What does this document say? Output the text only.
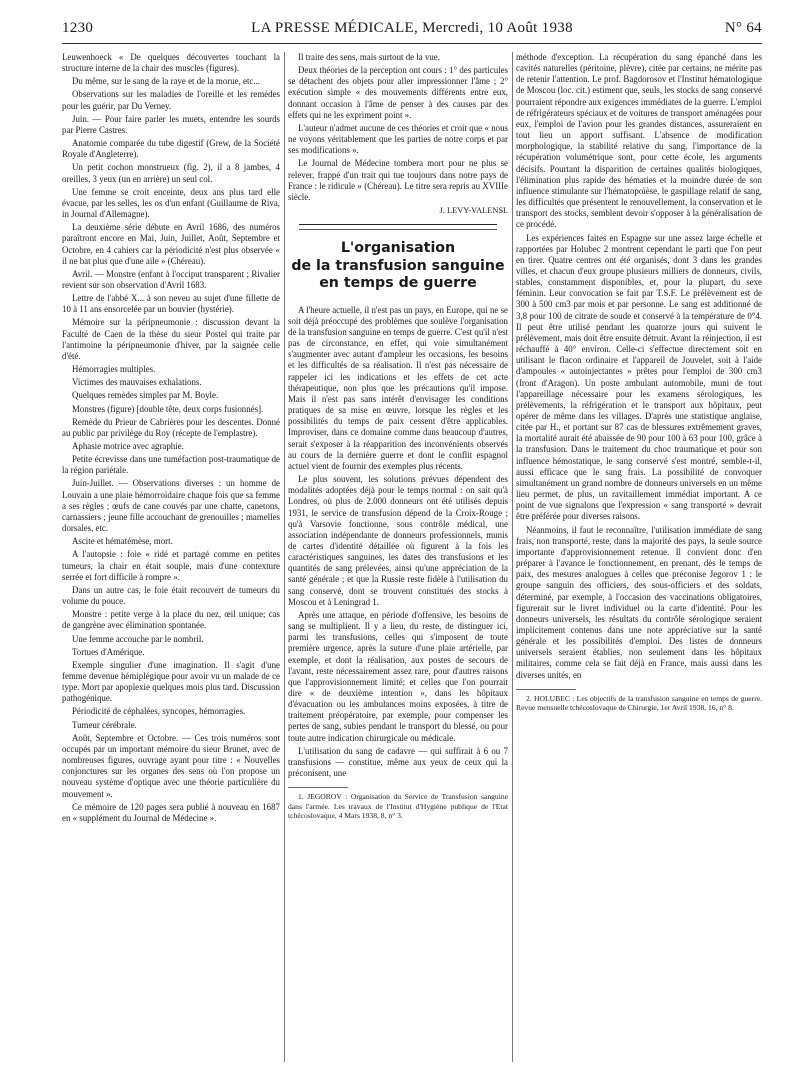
1230	LA PRESSE MÉDICALE, Mercredi, 10 Août 1938	N° 64

Leuwenhoeck « De quelques découvertes touchant la structure interne de la chair des muscles (figures).

Du même, sur le sang de la raye et de la morue, etc...

Observations sur les maladies de l'oreille et les remèdes pour les guérir, par Du Verney.

Juin. — Pour faire parler les muets, entendre les sourds par Pierre Castres.

Anatomie comparée du tube digestif (Grew, de la Société Royale d'Angleterre).

Un petit cochon monstrueux (fig. 2), il a 8 jambes, 4 oreilles, 3 yeux (un en arrière) un seul col.

Une femme se croit enceinte, deux ans plus tard elle évacue, par les selles, les os d'un enfant (Guillaume de Riva, in Journal d'Allemagne).

La deuxième série débute en Avril 1686, des numéros paraîtront encore en Mai, Juin, Juillet, Août, Septembre et Octobre, en 4 cahiers car la périodicité n'est plus observée « il ne bat plus que d'une aile » (Chéreau).

Avril. — Monstre (enfant à l'occiput transparent ; Rivalier revient sur son observation d'Avril 1683.

Lettre de l'abbé X... à son neveu au sujet d'une fillette de 10 à 11 ans ensorcelée par un bouvier (hystérie).

Mémoire sur la péripneumonie : discussion devant la Faculté de Caen de la thèse du sieur Postel qui traite par l'antimoine la péripneumonie d'hiver, par la saignée celle d'été.

Hémorragies multiples.

Victimes des mauvaises exhalations.

Quelques remèdes simples par M. Boyle.

Monstres (figure) [double tête, deux corps fusionnés].

Remède du Prieur de Cabrières pour les descentes. Donné au public par privilège du Roy (récepte de l'emplastre).

Aphasie motrice avec agraphie.

Petite écrevisse dans une tuméfaction post-traumatique de la région pariétale.

Juin-Juillet. — Observations diverses : un homme de Louvain a une plaie hémorroïdaire chaque fois que sa femme a ses règles ; œufs de cane couvés par une chatte, canetons, carnassiers ; jeune fille accouchant de grenouilles ; mamelles dorsales, etc.

Ascite et hématémèse, mort.

A l'autopsie : foie « ridé et partagé comme en petites tumeurs, la chair en était souple, mais d'une contexture serrée et fort difficile à rompre ».

Dans un autre cas, le foie était recouvert de tumeurs du volume du pouce.

Monstre : petite verge à la place du nez, œil unique; cas de gangrène avec élimination spontanée.

Une femme accouche par le nombril.

Tortues d'Amérique.

Exemple singulier d'une imagination. Il s'agit d'une femme devenue hémiplégique pour avoir vu un malade de ce type. Mort par apoplexie quelques mois plus tard. Discussion pathogénique.

Périodicité de céphalées, syncopes, hémorragies.

Tumeur cérébrale.

Août, Septembre et Octobre. — Ces trois numéros sont occupés par un important mémoire du sieur Brunet, avec de nombreuses figures, ouvrage ayant pour titre : « Nouvelles conjonctures sur les organes des sens où l'on propose un nouveau système d'optique avec une théorie particulière du mouvement ».

Ce mémoire de 120 pages sera publié à nouveau en 1687 en « supplément du Journal de Médecine ».

Il traite des sens, mais surtout de la vue.

Deux théories de la perception ont cours : 1° des particules se détachent des objets pour aller impressionner l'âme ; 2° exécution simple « des mouvements différents entre eux, donnant occasion à l'âme de penser à des causes par des effets qui ne les expriment point ».

L'auteur n'admet aucune de ces théories et croit que « nous ne voyons véritablement que les parties de notre corps et par ses modifications ».

Le Journal de Médecine tombera mort pour ne plus se relever, frappé d'un trait qui tue toujours dans notre pays de France : le ridicule » (Chéreau). Le titre sera repris au XVIIIe siècle.

J. LEVY-VALENSI.
L'organisation
de la transfusion sanguine
en temps de guerre

A l'heure actuelle, il n'est pas un pays, en Europe, qui ne se soit déjà préoccupé des problèmes que soulève l'organisation de la transfusion sanguine en temps de guerre. C'est qu'il n'est pas de circonstance, en effet, qui voie simultanément s'augmenter avec autant d'ampleur les occasions, les besoins et les difficultés de sa réalisation. Il n'est pas nécessaire de rappeler ici les indications et les effets de cet acte thérapeutique, non plus que les précautions qu'il impose. Mais il n'est pas sans intérêt d'envisager les conditions pratiques de sa mise en œuvre, lorsque les règles et les possibilités du temps de paix cessent d'être applicables. Improviser, dans ce domaine comme dans beaucoup d'autres, serait s'exposer à la réapparition des inconvénients observés au cours de la dernière guerre et dont le conflit espagnol actuel vient de fournir des exemples plus récents.

Le plus souvent, les solutions prévues dépendent des modalités adoptées déjà pour le temps normal : on sait qu'à Londres, où plus de 2.000 donneurs ont été utilisés depuis 1931, le service de transfusion dépend de la Croix-Rouge ; qu'à Varsovie fonctionne, sous contrôle médical, une association indépendante de donneurs professionnels, munis de cartes d'identité détaillée où figurent à la fois les caractéristiques sanguines, les dates des transfusions et les quantités de sang prélevées, ainsi qu'une appréciation de la santé générale ; et que la Russie reste fidèle à l'utilisation du sang conservé, dont se trouvent constitués des stocks à Moscou et à Leningrad 1.

Après une attaque, en période d'offensive, les besoins de sang se multiplient. Il y a lieu, du reste, de distinguer ici, parmi les transfusions, celles qui s'imposent de toute première urgence, après la suture d'une plaie artérielle, par exemple, et dont la réalisation, aux postes de secours de l'avant, reste nécessairement assez rare, pour d'autres raisons que l'approvisionnement limité; et celles que l'on pourrait dire « de deuxième intention », dans les hôpitaux d'évacuation ou les ambulances moins exposées, à titre de traitement préopératoire, par exemple, pour compenser les pertes de sang, subies pendant le transport du blessé, ou pour toute autre indication chirurgicale ou médicale.

L'utilisation du sang de cadavre — qui suffirait à 6 ou 7 transfusions — constitue, même aux yeux de ceux qui la préconisent, une

1. JEGOROV : Organisation du Service de Transfusion sanguine dans l'armée. Les travaux de l'Institut d'Hygiène publique de l'Etat tchécoslovaque, 4 Mars 1938, 8, n° 3.

méthode d'exception. La récupération du sang épanché dans les cavités naturelles (péritoine, plèvre), citée par certains, ne mérite pas de retenir l'attention. Le prof. Bagdorosov et l'Institut hématologique de Moscou (loc. cit.) estiment que, seuls, les stocks de sang conservé pourraient répondre aux exigences immédiates de la guerre. L'emploi de réfrigérateurs spéciaux et de voitures de transport aménagées pour eux, l'emploi de l'avion pour les grandes distances, assureraient en tout lieu un apport suffisant. L'absence de modification morphologique, la stabilité relative du sang, l'importance de la récupération volumétrique sont, pour cette école, les arguments décisifs. Pourtant la disparition de certaines qualités biologiques, l'élimination plus rapide des hématies et la moindre durée de son influence stimulante sur l'hématopoïèse, le gaspillage relatif de sang, les difficultés que présentent le renouvellement, la conservation et le transport des stocks, semblent devoir s'opposer à la généralisation de ce procédé.

Les expériences faites en Espagne sur une assez large échelle et rapportées par Holubec 2 montrent cependant le parti que l'on peut en tirer. Quatre centres ont été organisés, dont 3 dans les grandes villes, et chacun d'eux groupe plusieurs milliers de donneurs, civils, stables, constamment disponibles, et, pour la plupart, du sexe féminin. Leur convocation se fait par T.S.F. Le prélèvement est de 300 à 500 cm3 par mois et par personne. Le sang est additionné de 3,8 pour 100 de citrate de soude et conservé à la température de 0°4. Il peut être utilisé pendant les quatorze jours qui suivent le prélèvement, mais doit être ensuite détruit. Avant la réinjection, il est réchauffé à 40° environ. Celle-ci s'effectue directement soit en utilisant le flacon ordinaire et l'appareil de Jouvelet, soit à l'aide d'ampoules « autoinjectantes » prêtes pour l'emploi de 300 cm3 (front d'Aragon). Un poste ambulant automobile, muni de tout l'appareillage nécessaire pour les examens sérologiques, les prélèvements, la réfrigération et le transport aux hôpitaux, peut opérer de même dans les villages. D'après une statistique anglaise, citée par H., et portant sur 87 cas de blessures extrêmement graves, la mortalité aurait été abaissée de 90 pour 100 à 63 pour 100, grâce à la transfusion. Dans le traitement du choc traumatique et pour son influence hémostatique, le sang conservé s'est montré, semble-t-il, aussi efficace que le sang frais. La possibilité de convoquer simultanément un grand nombre de donneurs universels en un même lieu permet, de plus, un ravitaillement immédiat important. A ce point de vue signalons que l'expression « sang transporté » devrait être préférée pour diverses raisons.

Néanmoins, il faut le reconnaître, l'utilisation immédiate de sang frais, non transporté, reste, dans la majorité des pays, la seule source importante d'approvisionnement retenue. Il convient donc d'en préparer à l'avance le fonctionnement, en prenant, dès le temps de paix, des mesures analogues à celles que préconise Jegorov 1 : le groupe sanguin des officiers, des sous-officiers et des soldats, déterminé, par exemple, à l'occasion des vaccinations obligatoires, figurerait sur le livret individuel ou la carte d'identité. Pour les donneurs universels, les résultats du contrôle sérologique seraient implicitement contenus dans une note appréciative sur la santé générale et les possibilités d'emploi. Des listes de donneurs universels seraient établies, non seulement dans les hôpitaux militaires, comme cela se fait déjà en France, mais aussi dans les diverses unités, en

2. HOLUBEC : Les objectifs de la transfusion sanguine en temps de guerre. Revue mensuelle tchécoslovaque de Chirurgie, 1er Avril 1938, 16, n° 8.
